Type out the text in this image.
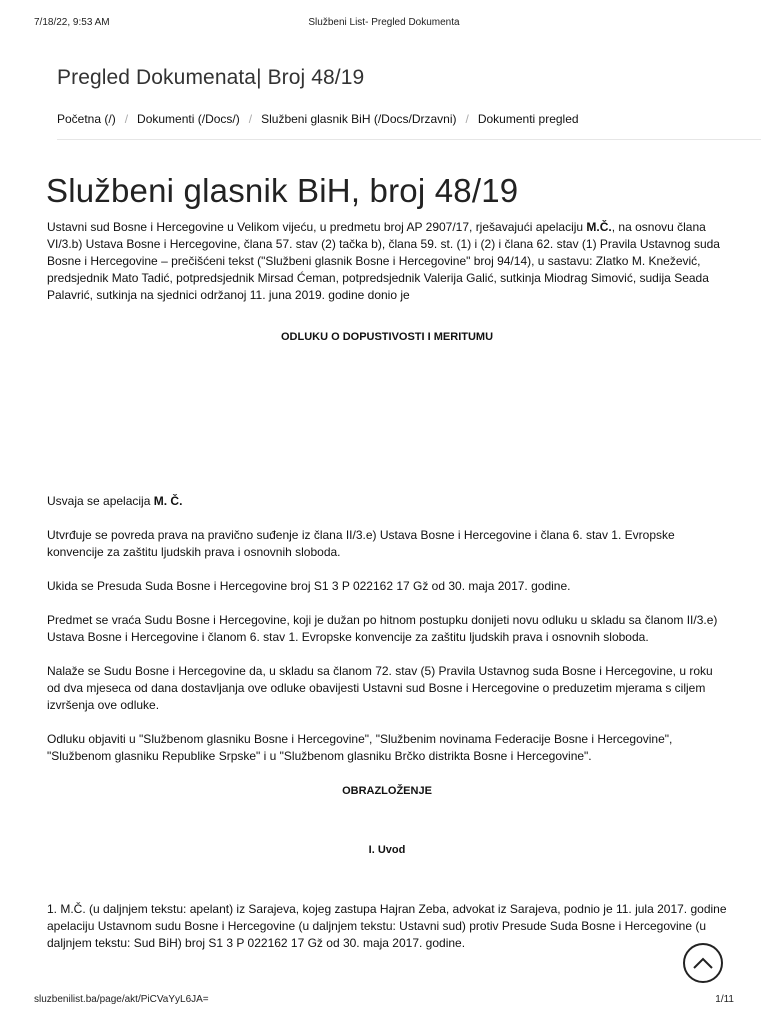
7/18/22, 9:53 AM	Službeni List- Pregled Dokumenta
Pregled Dokumenata| Broj 48/19
Početna (/) / Dokumenti (/Docs/) / Službeni glasnik BiH (/Docs/Drzavni) / Dokumenti pregled
Službeni glasnik BiH, broj 48/19

Ustavni sud Bosne i Hercegovine u Velikom vijeću, u predmetu broj AP 2907/17, rješavajući apelaciju M.Č., na osnovu člana VI/3.b) Ustava Bosne i Hercegovine, člana 57. stav (2) tačka b), člana 59. st. (1) i (2) i člana 62. stav (1) Pravila Ustavnog suda Bosne i Hercegovine – prečišćeni tekst ("Službeni glasnik Bosne i Hercegovine" broj 94/14), u sastavu: Zlatko M. Knežević, predsjednik Mato Tadić, potpredsjednik Mirsad Ćeman, potpredsjednik Valerija Galić, sutkinja Miodrag Simović, sudija Seada Palavrić, sutkinja na sjednici održanoj 11. juna 2019. godine donio je

ODLUKU O DOPUSTIVOSTI I MERITUMU

Usvaja se apelacija M. Č.

Utvrđuje se povreda prava na pravično suđenje iz člana II/3.e) Ustava Bosne i Hercegovine i člana 6. stav 1. Evropske konvencije za zaštitu ljudskih prava i osnovnih sloboda.

Ukida se Presuda Suda Bosne i Hercegovine broj S1 3 P 022162 17 Gž od 30. maja 2017. godine.

Predmet se vraća Sudu Bosne i Hercegovine, koji je dužan po hitnom postupku donijeti novu odluku u skladu sa članom II/3.e) Ustava Bosne i Hercegovine i članom 6. stav 1. Evropske konvencije za zaštitu ljudskih prava i osnovnih sloboda.

Nalaže se Sudu Bosne i Hercegovine da, u skladu sa članom 72. stav (5) Pravila Ustavnog suda Bosne i Hercegovine, u roku od dva mjeseca od dana dostavljanja ove odluke obavijesti Ustavni sud Bosne i Hercegovine o preduzetim mjerama s ciljem izvršenja ove odluke.

Odluku objaviti u "Službenom glasniku Bosne i Hercegovine", "Službenim novinama Federacije Bosne i Hercegovine", "Službenom glasniku Republike Srpske" i u "Službenom glasniku Brčko distrikta Bosne i Hercegovine".

OBRAZLOŽENJE

I. Uvod

1. M.Č. (u daljnjem tekstu: apelant) iz Sarajeva, kojeg zastupa Hajran Zeba, advokat iz Sarajeva, podnio je 11. jula 2017. godine apelaciju Ustavnom sudu Bosne i Hercegovine (u daljnjem tekstu: Ustavni sud) protiv Presude Suda Bosne i Hercegovine (u daljnjem tekstu: Sud BiH) broj S1 3 P 022162 17 Gž od 30. maja 2017. godine.

sluzbenilist.ba/page/akt/PiCVaYyL6JA=	1/11
